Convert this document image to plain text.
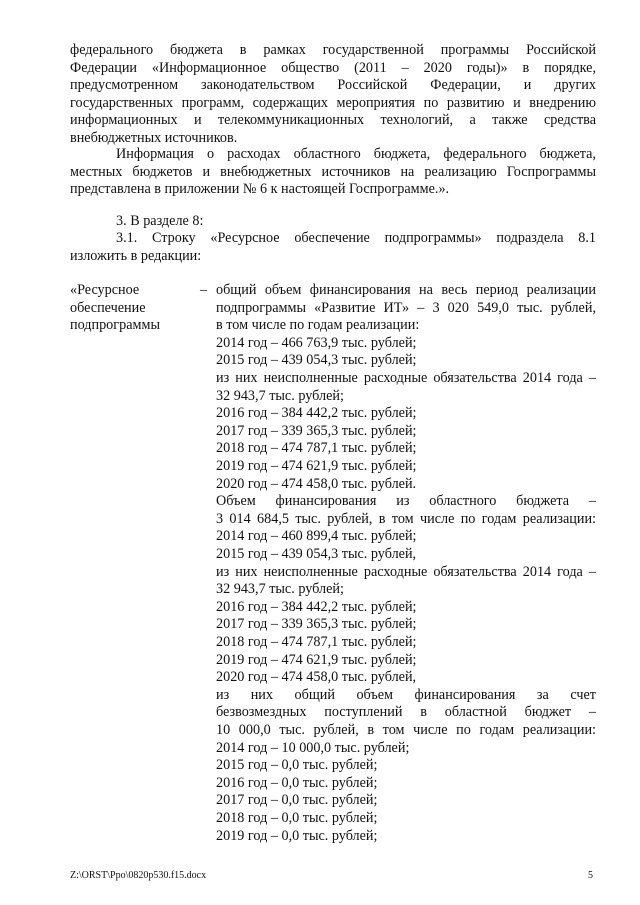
федерального бюджета в рамках государственной программы Российской
Федерации «Информационное общество (2011 – 2020 годы)» в порядке,
предусмотренном законодательством Российской Федерации, и других
государственных программ, содержащих мероприятия по развитию и внедрению
информационных и телекоммуникационных технологий, а также средства
внебюджетных источников.
Информация о расходах областного бюджета, федерального бюджета,
местных бюджетов и внебюджетных источников на реализацию Госпрограммы
представлена в приложении № 6 к настоящей Госпрограмме.».
3. В разделе 8:
3.1. Строку «Ресурсное обеспечение подпрограммы» подраздела 8.1
изложить в редакции:
«Ресурсное
обеспечение
подпрограммы
– общий объем финансирования на весь период реализации
подпрограммы «Развитие ИТ» – 3 020 549,0 тыс. рублей,
в том числе по годам реализации:
2014 год – 466 763,9 тыс. рублей;
2015 год – 439 054,3 тыс. рублей;
из них неисполненные расходные обязательства 2014 года –
32 943,7 тыс. рублей;
2016 год – 384 442,2 тыс. рублей;
2017 год – 339 365,3 тыс. рублей;
2018 год – 474 787,1 тыс. рублей;
2019 год – 474 621,9 тыс. рублей;
2020 год – 474 458,0 тыс. рублей.
Объем финансирования из областного бюджета –
3 014 684,5 тыс. рублей, в том числе по годам реализации:
2014 год – 460 899,4 тыс. рублей;
2015 год – 439 054,3 тыс. рублей,
из них неисполненные расходные обязательства 2014 года –
32 943,7 тыс. рублей;
2016 год – 384 442,2 тыс. рублей;
2017 год – 339 365,3 тыс. рублей;
2018 год – 474 787,1 тыс. рублей;
2019 год – 474 621,9 тыс. рублей;
2020 год – 474 458,0 тыс. рублей,
из них общий объем финансирования за счет
безвозмездных поступлений в областной бюджет –
10 000,0 тыс. рублей, в том числе по годам реализации:
2014 год – 10 000,0 тыс. рублей;
2015 год – 0,0 тыс. рублей;
2016 год – 0,0 тыс. рублей;
2017 год – 0,0 тыс. рублей;
2018 год – 0,0 тыс. рублей;
2019 год – 0,0 тыс. рублей;
Z:\ORST\Ppo\0820p530.f15.docx	5
